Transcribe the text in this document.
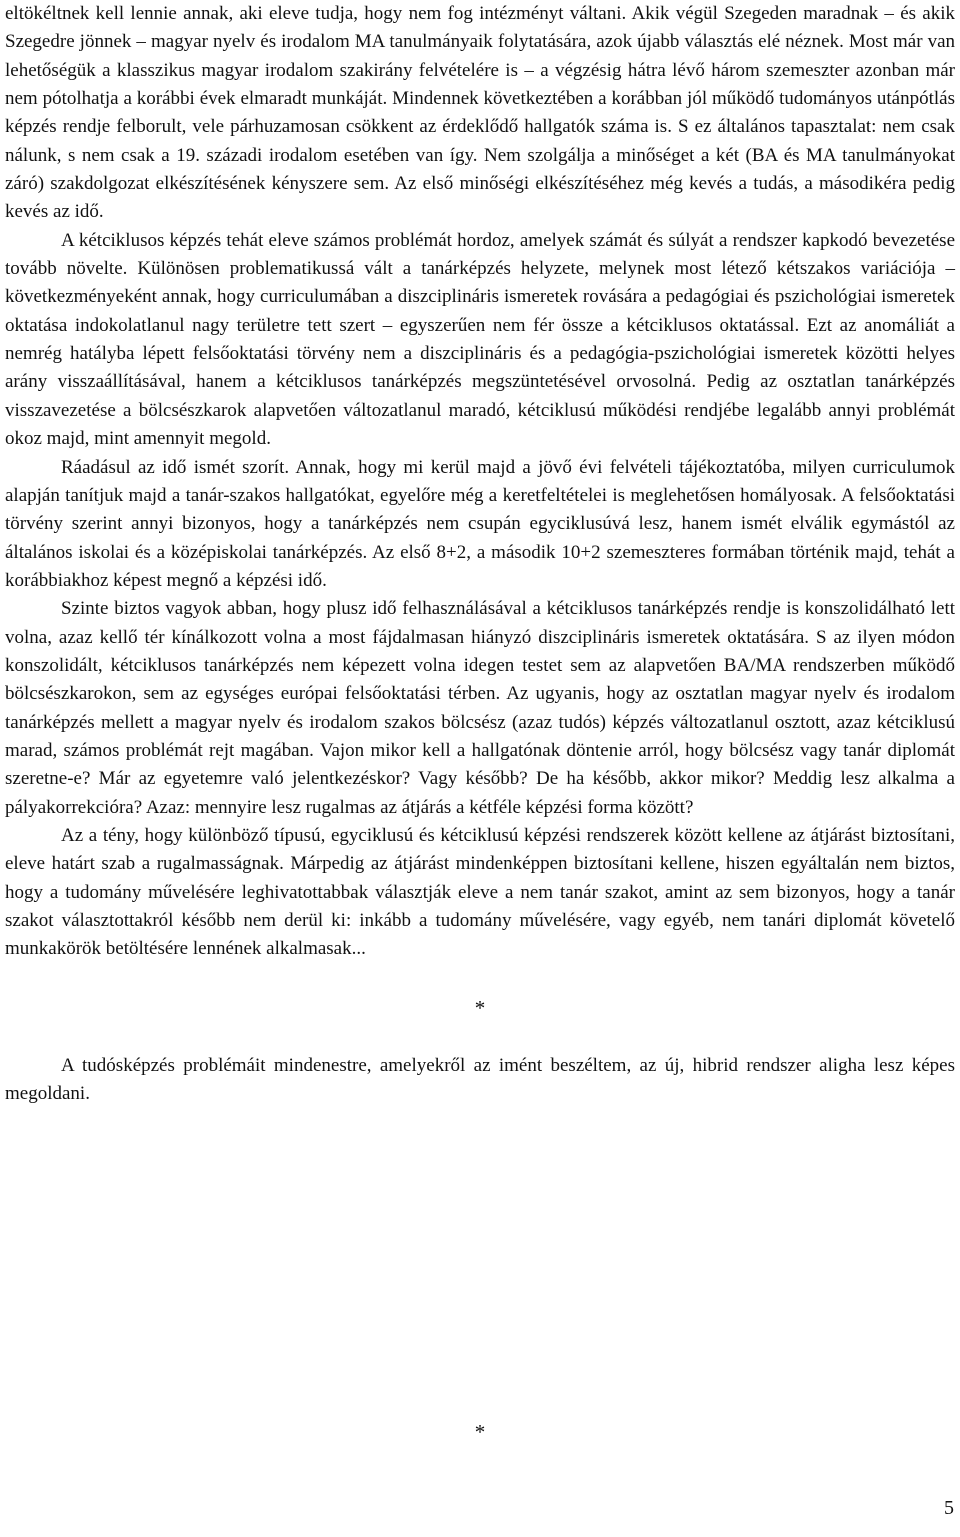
eltökéltnek kell lennie annak, aki eleve tudja, hogy nem fog intézményt váltani. Akik végül Szegeden maradnak – és akik Szegedre jönnek – magyar nyelv és irodalom MA tanulmányaik folytatására, azok újabb választás elé néznek. Most már van lehetőségük a klasszikus magyar irodalom szakirány felvételére is – a végzésig hátra lévő három szemeszter azonban már nem pótolhatja a korábbi évek elmaradt munkáját. Mindennek következtében a korábban jól működő tudományos utánpótlás képzés rendje felborult, vele párhuzamosan csökkent az érdeklődő hallgatók száma is. S ez általános tapasztalat: nem csak nálunk, s nem csak a 19. századi irodalom esetében van így. Nem szolgálja a minőséget a két (BA és MA tanulmányokat záró) szakdolgozat elkészítésének kényszere sem. Az első minőségi elkészítéséhez még kevés a tudás, a másodikéra pedig kevés az idő.

A kétciklusos képzés tehát eleve számos problémát hordoz, amelyek számát és súlyát a rendszer kapkodó bevezetése tovább növelte. Különösen problematikussá vált a tanárképzés helyzete, melynek most létező kétszakos variációja – következményeként annak, hogy curriculumában a diszciplináris ismeretek rovására a pedagógiai és pszichológiai ismeretek oktatása indokolatlanul nagy területre tett szert – egyszerűen nem fér össze a kétciklusos oktatással. Ezt az anomáliát a nemrég hatályba lépett felsőoktatási törvény nem a diszciplináris és a pedagógia-pszichológiai ismeretek közötti helyes arány visszaállításával, hanem a kétciklusos tanárképzés megszüntetésével orvosolná. Pedig az osztatlan tanárképzés visszavezetése a bölcsészkarok alapvetően változatlanul maradó, kétciklusú működési rendjébe legalább annyi problémát okoz majd, mint amennyit megold.

Ráadásul az idő ismét szorít. Annak, hogy mi kerül majd a jövő évi felvételi tájékoztatóba, milyen curriculumok alapján tanítjuk majd a tanár-szakos hallgatókat, egyelőre még a keretfeltételei is meglehetősen homályosak. A felsőoktatási törvény szerint annyi bizonyos, hogy a tanárképzés nem csupán egyciklusúvá lesz, hanem ismét elválik egymástól az általános iskolai és a középiskolai tanárképzés. Az első 8+2, a második 10+2 szemeszteres formában történik majd, tehát a korábbiakhoz képest megnő a képzési idő.

Szinte biztos vagyok abban, hogy plusz idő felhasználásával a kétciklusos tanárképzés rendje is konszolidálható lett volna, azaz kellő tér kínálkozott volna a most fájdalmasan hiányzó diszciplináris ismeretek oktatására. S az ilyen módon konszolidált, kétciklusos tanárképzés nem képezett volna idegen testet sem az alapvetően BA/MA rendszerben működő bölcsészkarokon, sem az egységes európai felsőoktatási térben. Az ugyanis, hogy az osztatlan magyar nyelv és irodalom tanárképzés mellett a magyar nyelv és irodalom szakos bölcsész (azaz tudós) képzés változatlanul osztott, azaz kétciklusú marad, számos problémát rejt magában. Vajon mikor kell a hallgatónak döntenie arról, hogy bölcsész vagy tanár diplomát szeretne-e? Már az egyetemre való jelentkezéskor? Vagy később? De ha később, akkor mikor? Meddig lesz alkalma a pályakorrekcióra? Azaz: mennyire lesz rugalmas az átjárás a kétféle képzési forma között?

Az a tény, hogy különböző típusú, egyciklusú és kétciklusú képzési rendszerek között kellene az átjárást biztosítani, eleve határt szab a rugalmasságnak. Márpedig az átjárást mindenképpen biztosítani kellene, hiszen egyáltalán nem biztos, hogy a tudomány művelésére leghivatottabbak választják eleve a nem tanár szakot, amint az sem bizonyos, hogy a tanár szakot választottakról később nem derül ki: inkább a tudomány művelésére, vagy egyéb, nem tanári diplomát követelő munkakörök betöltésére lennének alkalmasak...

*

A tudósképzés problémáit mindenestre, amelyekről az imént beszéltem, az új, hibrid rendszer aligha lesz képes megoldani.

*

5
